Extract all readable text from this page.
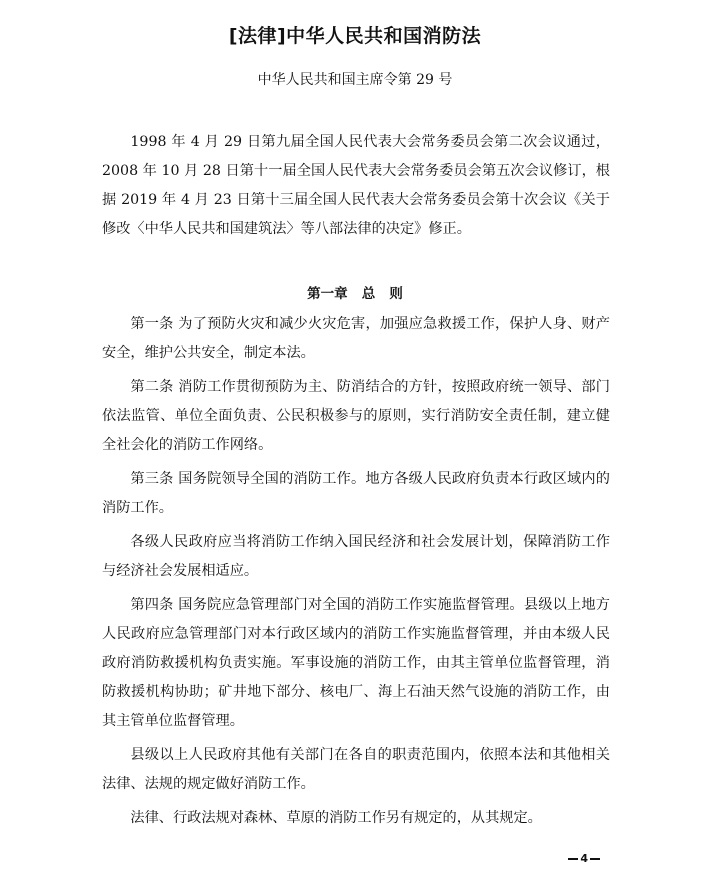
[法律]中华人民共和国消防法
中华人民共和国主席令第 29 号

1998 年 4 月 29 日第九届全国人民代表大会常务委员会第二次会议通过，2008 年 10 月 28 日第十一届全国人民代表大会常务委员会第五次会议修订，根据 2019 年 4 月 23 日第十三届全国人民代表大会常务委员会第十次会议《关于修改〈中华人民共和国建筑法〉等八部法律的决定》修正。

第一章   总   则

第一条 为了预防火灾和减少火灾危害，加强应急救援工作，保护人身、财产安全，维护公共安全，制定本法。

第二条 消防工作贯彻预防为主、防消结合的方针，按照政府统一领导、部门依法监管、单位全面负责、公民积极参与的原则，实行消防安全责任制，建立健全社会化的消防工作网络。

第三条 国务院领导全国的消防工作。地方各级人民政府负责本行政区域内的消防工作。

各级人民政府应当将消防工作纳入国民经济和社会发展计划，保障消防工作与经济社会发展相适应。

第四条 国务院应急管理部门对全国的消防工作实施监督管理。县级以上地方人民政府应急管理部门对本行政区域内的消防工作实施监督管理，并由本级人民政府消防救援机构负责实施。军事设施的消防工作，由其主管单位监督管理，消防救援机构协助；矿井地下部分、核电厂、海上石油天然气设施的消防工作，由其主管单位监督管理。

县级以上人民政府其他有关部门在各自的职责范围内，依照本法和其他相关法律、法规的规定做好消防工作。

法律、行政法规对森林、草原的消防工作另有规定的，从其规定。

4
